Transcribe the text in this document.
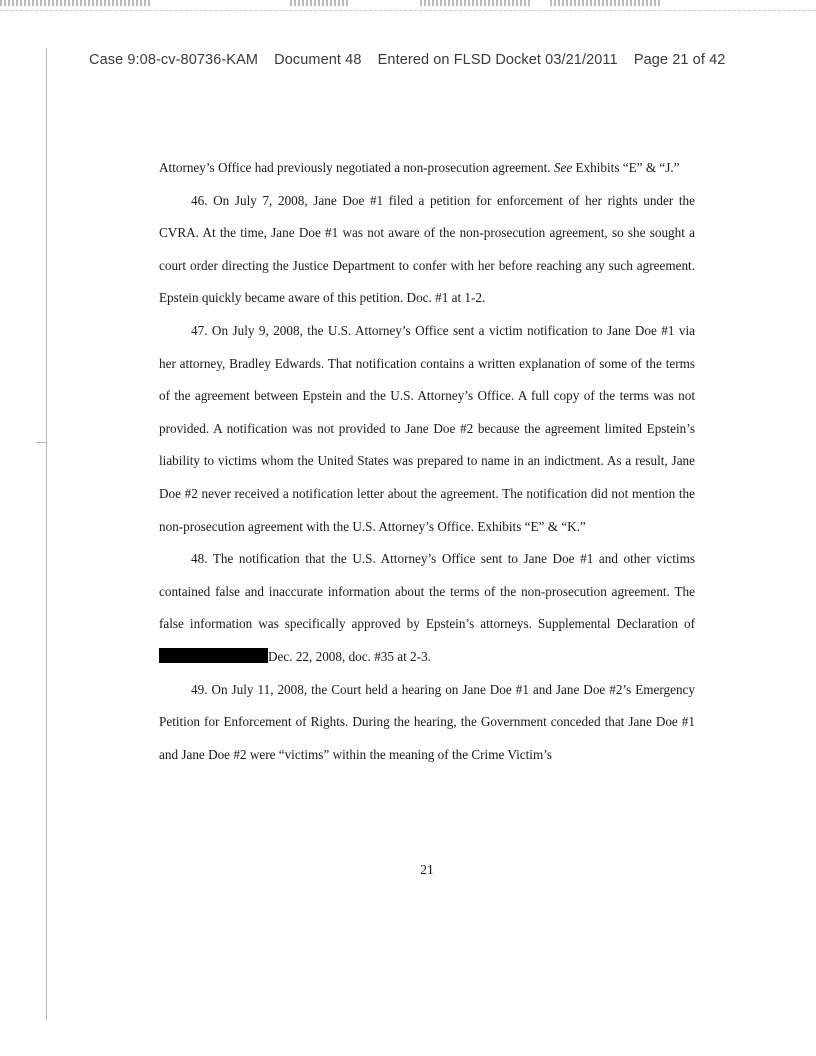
Case 9:08-cv-80736-KAM Document 48 Entered on FLSD Docket 03/21/2011 Page 21 of 42

Attorney’s Office had previously negotiated a non-prosecution agreement. See Exhibits “E” & “J.”

46. On July 7, 2008, Jane Doe #1 filed a petition for enforcement of her rights under the CVRA. At the time, Jane Doe #1 was not aware of the non-prosecution agreement, so she sought a court order directing the Justice Department to confer with her before reaching any such agreement. Epstein quickly became aware of this petition. Doc. #1 at 1-2.

47. On July 9, 2008, the U.S. Attorney’s Office sent a victim notification to Jane Doe #1 via her attorney, Bradley Edwards. That notification contains a written explanation of some of the terms of the agreement between Epstein and the U.S. Attorney’s Office. A full copy of the terms was not provided. A notification was not provided to Jane Doe #2 because the agreement limited Epstein’s liability to victims whom the United States was prepared to name in an indictment. As a result, Jane Doe #2 never received a notification letter about the agreement. The notification did not mention the non-prosecution agreement with the U.S. Attorney’s Office. Exhibits “E” & “K.”

48. The notification that the U.S. Attorney’s Office sent to Jane Doe #1 and other victims contained false and inaccurate information about the terms of the non-prosecution agreement. The false information was specifically approved by Epstein’s attorneys. Supplemental Declaration ofDec. 22, 2008, doc. #35 at 2-3.

49. On July 11, 2008, the Court held a hearing on Jane Doe #1 and Jane Doe #2’s Emergency Petition for Enforcement of Rights. During the hearing, the Government conceded that Jane Doe #1 and Jane Doe #2 were “victims” within the meaning of the Crime Victim’s

21
